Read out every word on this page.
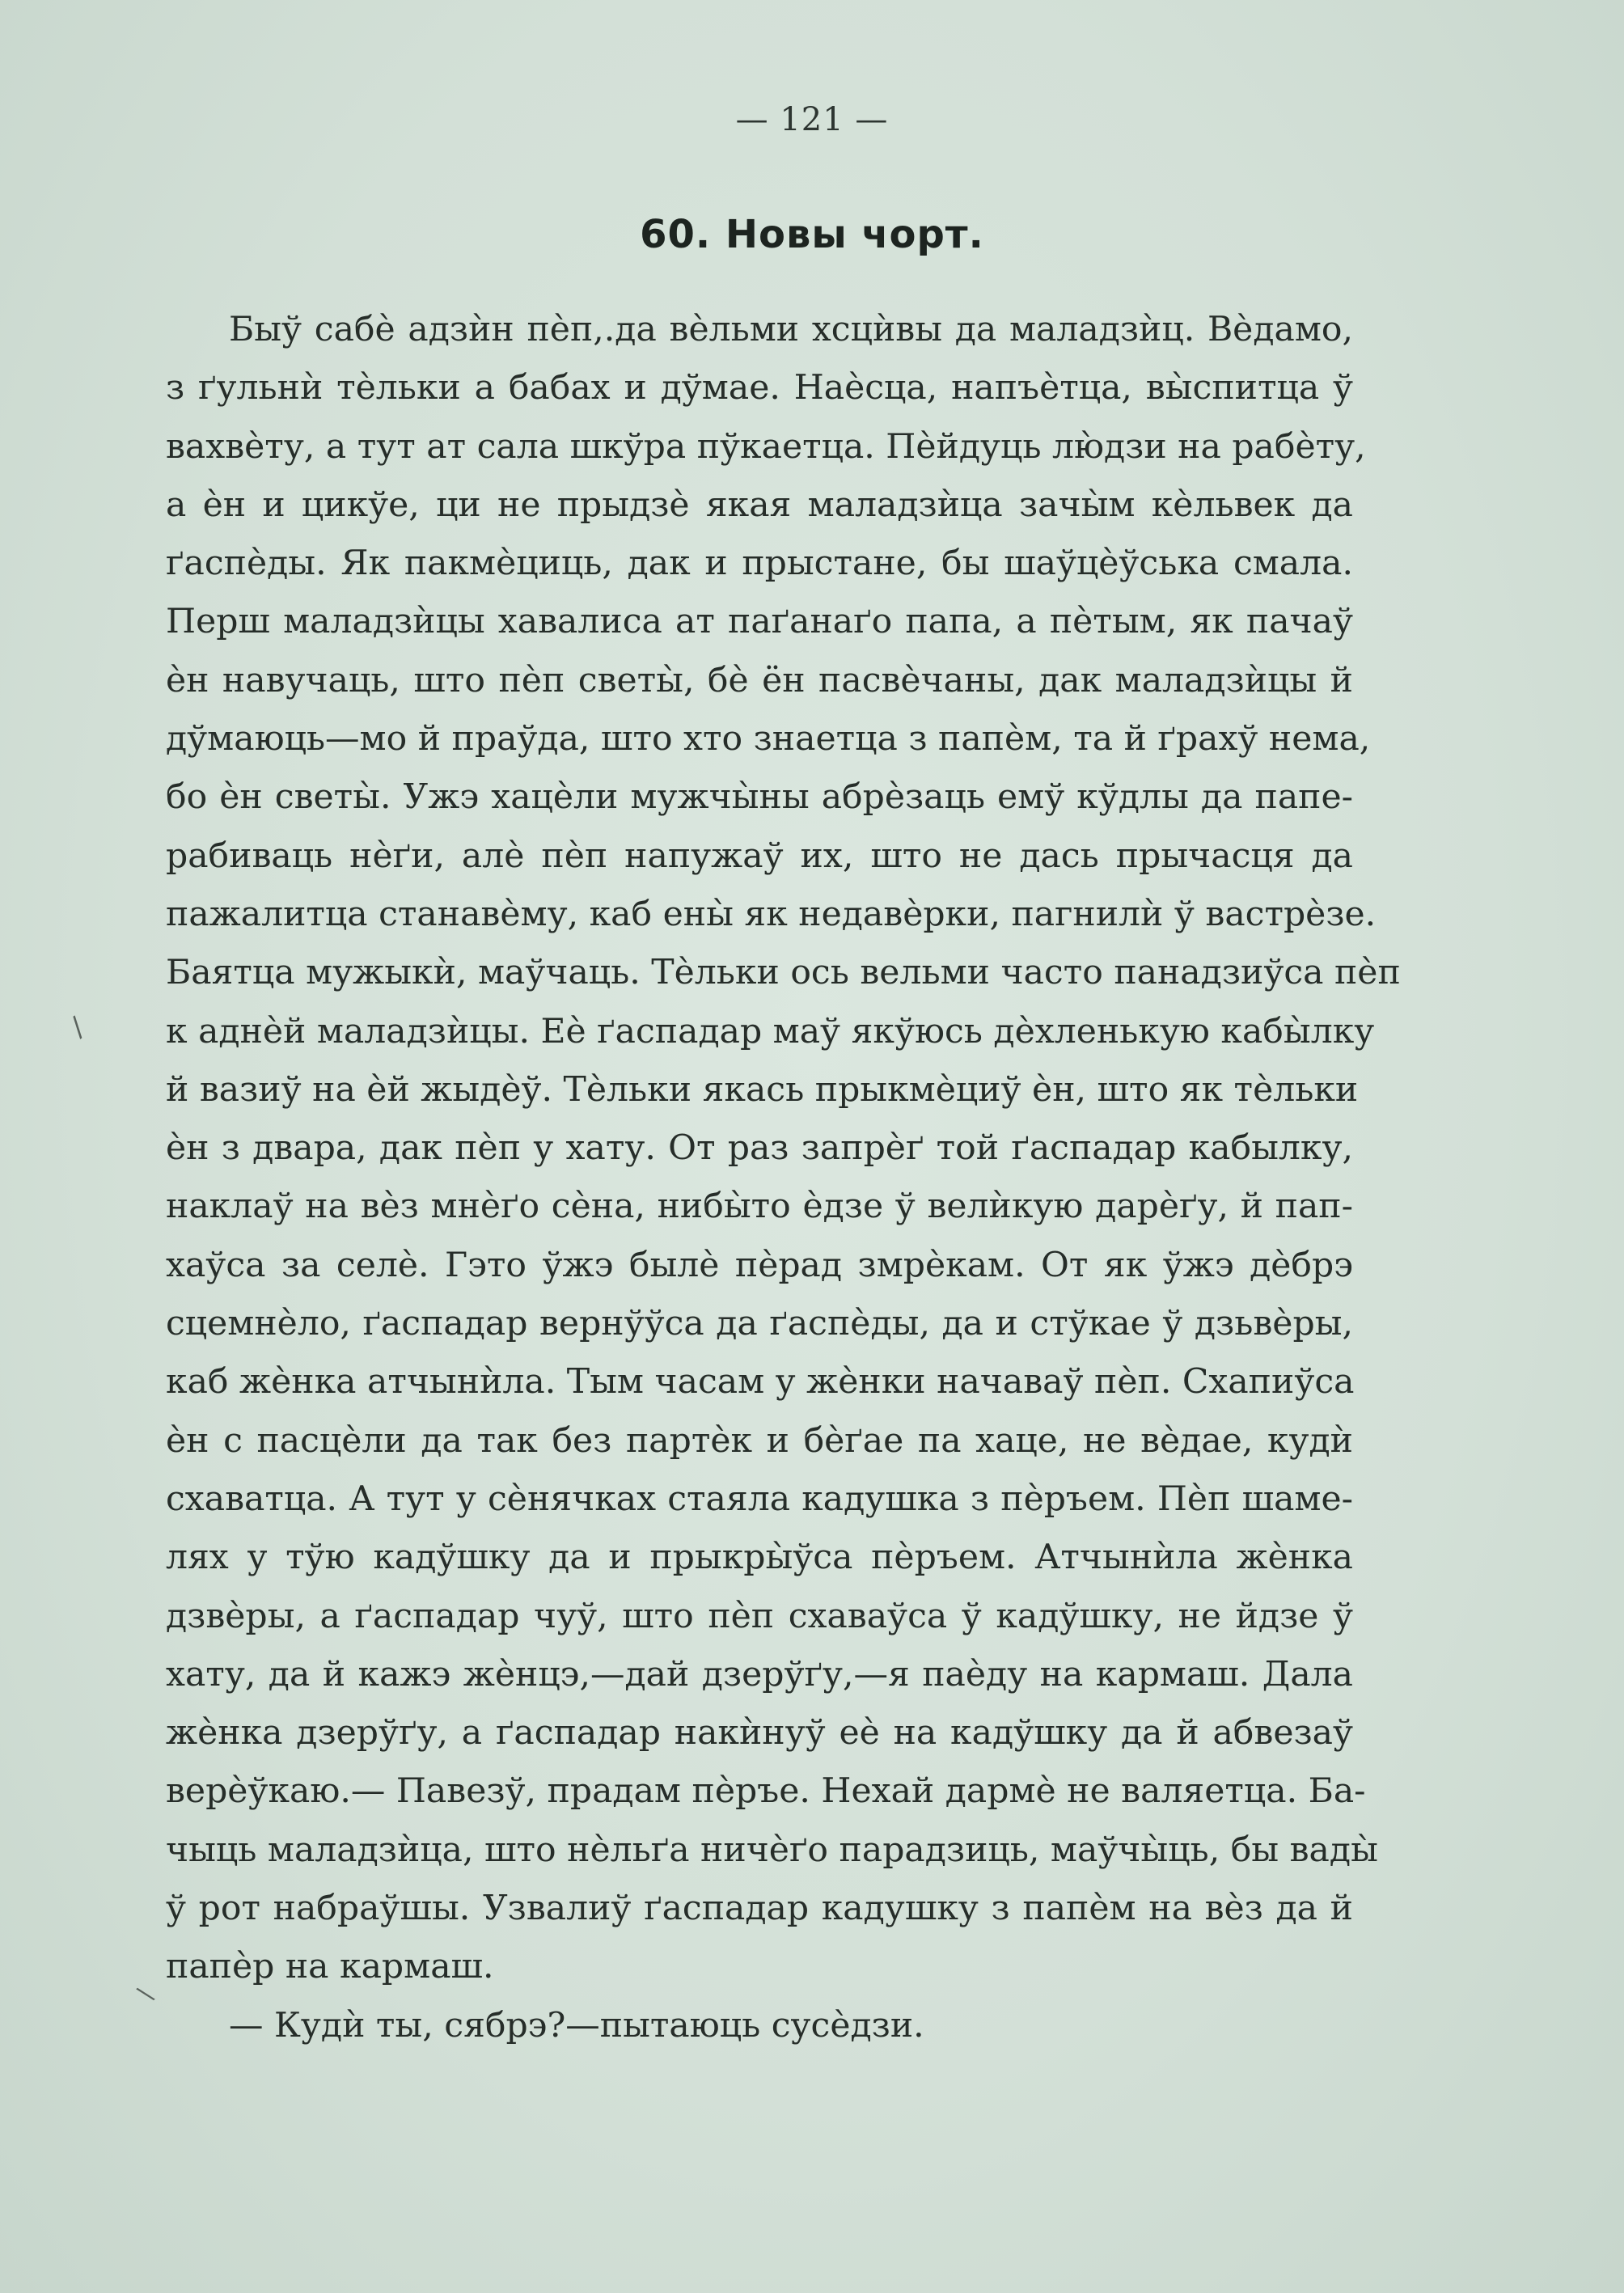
— 121 —
60. Новы чорт.
Быў сабѐ адзѝн пѐп,.да вѐльми хсцѝвы да маладзѝц. Вѐдамо,
з ґульнѝ тѐльки а бабах и дўмае. Наѐсца, напъѐтца, вы̀спитца ў
вахвѐту, а тут ат сала шкўра пўкаетца. Пѐйдуць лю̀дзи на рабѐту,
а ѐн и цикўе, ци не прыдзѐ якая маладзѝца зачы̀м кѐльвек да
ґаспѐды. Як пакмѐциць, дак и прыстане, бы шаўцѐўська смала.
Перш маладзѝцы хавалиса ат паґанаґо папа, а пѐтым, як пачаў
ѐн навучаць, што пѐп светы̀, бѐ ён пасвѐчаны, дак маладзѝцы й
дўмаюць—мо й праўда, што хто знаетца з папѐм, та й ґрахў нема,
бо ѐн светы̀. Ужэ хацѐли мужчы̀ны абрѐзаць емў кўдлы да папе-
рабиваць нѐґи, алѐ пѐп напужаў их, што не дась прычасця да
пажалитца станавѐму, каб ены̀ як недавѐрки, пагнилѝ ў вастрѐзе.
Баятца мужыкѝ, маўчаць. Тѐльки ось вельми часто панадзиўса пѐп
к аднѐй маладзѝцы. Еѐ ґаспадар маў якўюсь дѐхленькую кабы̀лку
й вазиў на ѐй жыдѐў. Тѐльки якась прыкмѐциў ѐн, што як тѐльки
ѐн з двара, дак пѐп у хату. От раз запрѐґ той ґаспадар кабылку,
наклаў на вѐз мнѐґо сѐна, нибы̀то ѐдзе ў велѝкую дарѐґу, й пап-
хаўса за селѐ. Гэто ўжэ былѐ пѐрад змрѐкам. От як ўжэ дѐбрэ
сцемнѐло, ґаспадар вернўўса да ґаспѐды, да и стўкае ў дзьвѐры,
каб жѐнка атчынѝла. Тым часам у жѐнки начаваў пѐп. Схапиўса
ѐн с пасцѐли да так без партѐк и бѐґае па хаце, не вѐдае, кудѝ
схаватца. А тут у сѐнячках стаяла кадушка з пѐръем. Пѐп шаме-
лях у тўю кадўшку да и прыкры̀ўса пѐръем. Атчынѝла жѐнка
дзвѐры, а ґаспадар чуў, што пѐп схаваўса ў кадўшку, не йдзе ў
хату, да й кажэ жѐнцэ,—дай дзерўґу,—я паѐду на кармаш. Дала
жѐнка дзерўґу, а ґаспадар накѝнуў еѐ на кадўшку да й абвезаў
верѐўкаю.— Павезў, прадам пѐръе. Нехай дармѐ не валяетца. Ба-
чыць маладзѝца, што нѐльґа ничѐґо парадзиць, маўчы̀ць, бы вады̀
ў рот набраўшы. Узвалиў ґаспадар кадушку з папѐм на вѐз да й
папѐр на кармаш.
— Кудѝ ты, сябрэ?—пытаюць сусѐдзи.
/
\
